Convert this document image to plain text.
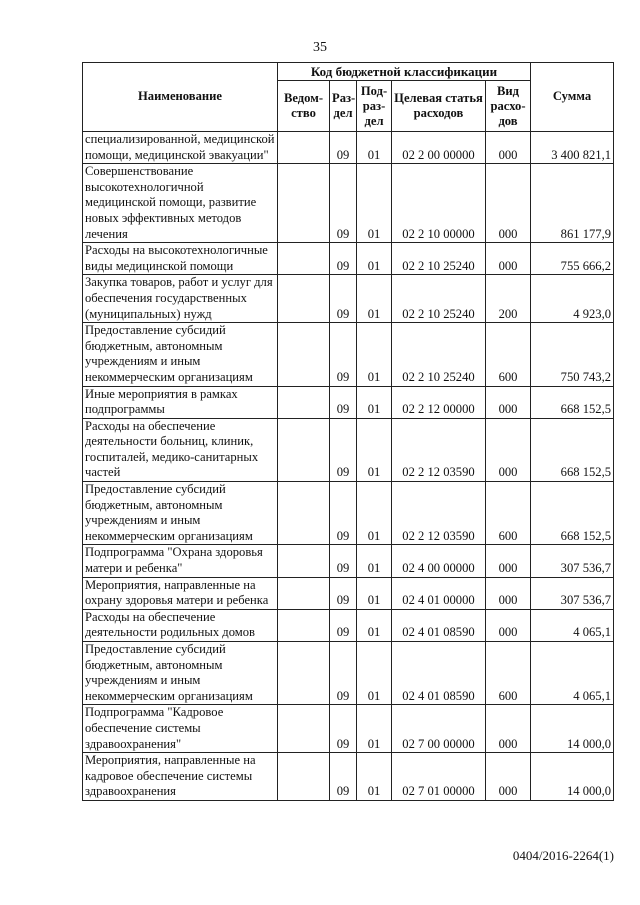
35
Наименование	Код бюджетной классификации					Сумма
	Ведом-ство	Раз-дел	Под-раз-дел	Целевая статья расходов	Вид расхо-дов	
специализированной, медицинской помощи, медицинской эвакуации"		09	01	02 2 00 00000	000	3 400 821,1
Совершенствование высокотехнологичной медицинской помощи, развитие новых эффективных методов лечения		09	01	02 2 10 00000	000	861 177,9
Расходы на высокотехнологичные виды медицинской помощи		09	01	02 2 10 25240	000	755 666,2
Закупка товаров, работ и услуг для обеспечения государственных (муниципальных) нужд		09	01	02 2 10 25240	200	4 923,0
Предоставление субсидий бюджетным, автономным учреждениям и иным некоммерческим организациям		09	01	02 2 10 25240	600	750 743,2
Иные мероприятия в рамках подпрограммы		09	01	02 2 12 00000	000	668 152,5
Расходы на обеспечение деятельности больниц, клиник, госпиталей, медико-санитарных частей		09	01	02 2 12 03590	000	668 152,5
Предоставление субсидий бюджетным, автономным учреждениям и иным некоммерческим организациям		09	01	02 2 12 03590	600	668 152,5
Подпрограмма "Охрана здоровья матери и ребенка"		09	01	02 4 00 00000	000	307 536,7
Мероприятия, направленные на охрану здоровья матери и ребенка		09	01	02 4 01 00000	000	307 536,7
Расходы на обеспечение деятельности родильных домов		09	01	02 4 01 08590	000	4 065,1
Предоставление субсидий бюджетным, автономным учреждениям и иным некоммерческим организациям		09	01	02 4 01 08590	600	4 065,1
Подпрограмма "Кадровое обеспечение системы здравоохранения"		09	01	02 7 00 00000	000	14 000,0
Мероприятия, направленные на кадровое обеспечение системы здравоохранения		09	01	02 7 01 00000	000	14 000,0
0404/2016-2264(1)
